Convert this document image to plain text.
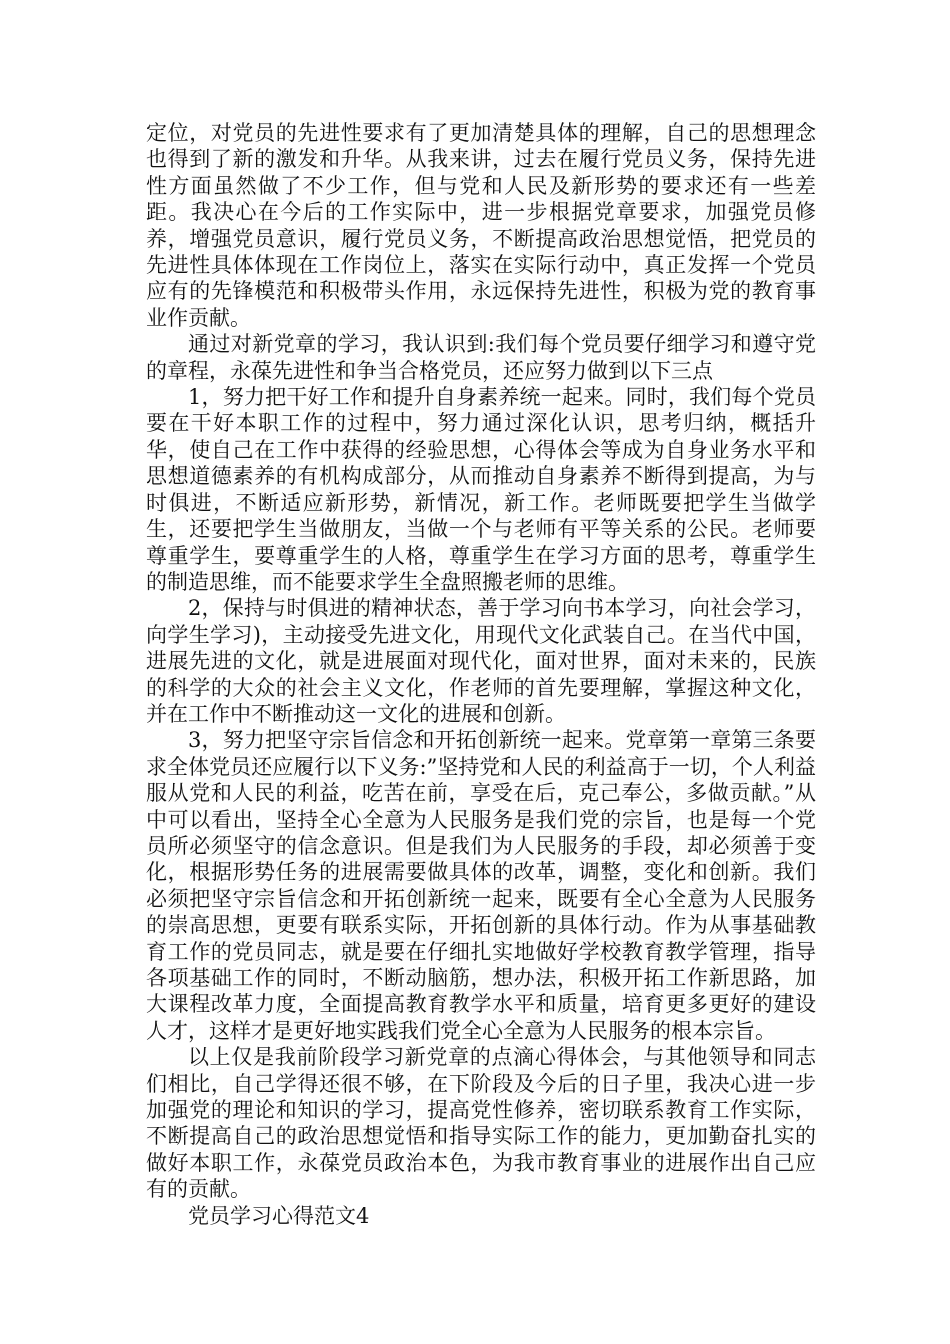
定位，对党员的先进性要求有了更加清楚具体的理解，自己的思想理念也得到了新的激发和升华。从我来讲，过去在履行党员义务，保持先进性方面虽然做了不少工作，但与党和人民及新形势的要求还有一些差距。我决心在今后的工作实际中，进一步根据党章要求，加强党员修养，增强党员意识，履行党员义务，不断提高政治思想觉悟，把党员的先进性具体体现在工作岗位上，落实在实际行动中，真正发挥一个党员应有的先锋模范和积极带头作用，永远保持先进性，积极为党的教育事业作贡献。

通过对新党章的学习，我认识到:我们每个党员要仔细学习和遵守党的章程，永葆先进性和争当合格党员，还应努力做到以下三点

1，努力把干好工作和提升自身素养统一起来。同时，我们每个党员要在干好本职工作的过程中，努力通过深化认识，思考归纳，概括升华，使自己在工作中获得的经验思想，心得体会等成为自身业务水平和思想道德素养的有机构成部分，从而推动自身素养不断得到提高，为与时俱进，不断适应新形势，新情况，新工作。老师既要把学生当做学生，还要把学生当做朋友，当做一个与老师有平等关系的公民。老师要尊重学生，要尊重学生的人格，尊重学生在学习方面的思考，尊重学生的制造思维，而不能要求学生全盘照搬老师的思维。

2，保持与时俱进的精神状态，善于学习向书本学习，向社会学习，向学生学习)，主动接受先进文化，用现代文化武装自己。在当代中国，进展先进的文化，就是进展面对现代化，面对世界，面对未来的，民族的科学的大众的社会主义文化，作老师的首先要理解，掌握这种文化，并在工作中不断推动这一文化的进展和创新。

3，努力把坚守宗旨信念和开拓创新统一起来。党章第一章第三条要求全体党员还应履行以下义务:”坚持党和人民的利益高于一切，个人利益服从党和人民的利益，吃苦在前，享受在后，克己奉公，多做贡献。”从中可以看出，坚持全心全意为人民服务是我们党的宗旨，也是每一个党员所必须坚守的信念意识。但是我们为人民服务的手段，却必须善于变化，根据形势任务的进展需要做具体的改革，调整，变化和创新。我们必须把坚守宗旨信念和开拓创新统一起来，既要有全心全意为人民服务的崇高思想，更要有联系实际，开拓创新的具体行动。作为从事基础教育工作的党员同志，就是要在仔细扎实地做好学校教育教学管理，指导各项基础工作的同时，不断动脑筋，想办法，积极开拓工作新思路，加大课程改革力度，全面提高教育教学水平和质量，培育更多更好的建设人才，这样才是更好地实践我们党全心全意为人民服务的根本宗旨。

以上仅是我前阶段学习新党章的点滴心得体会，与其他领导和同志们相比，自己学得还很不够，在下阶段及今后的日子里，我决心进一步加强党的理论和知识的学习，提高党性修养，密切联系教育工作实际，不断提高自己的政治思想觉悟和指导实际工作的能力，更加勤奋扎实的做好本职工作，永葆党员政治本色，为我市教育事业的进展作出自己应有的贡献。

党员学习心得范文4
